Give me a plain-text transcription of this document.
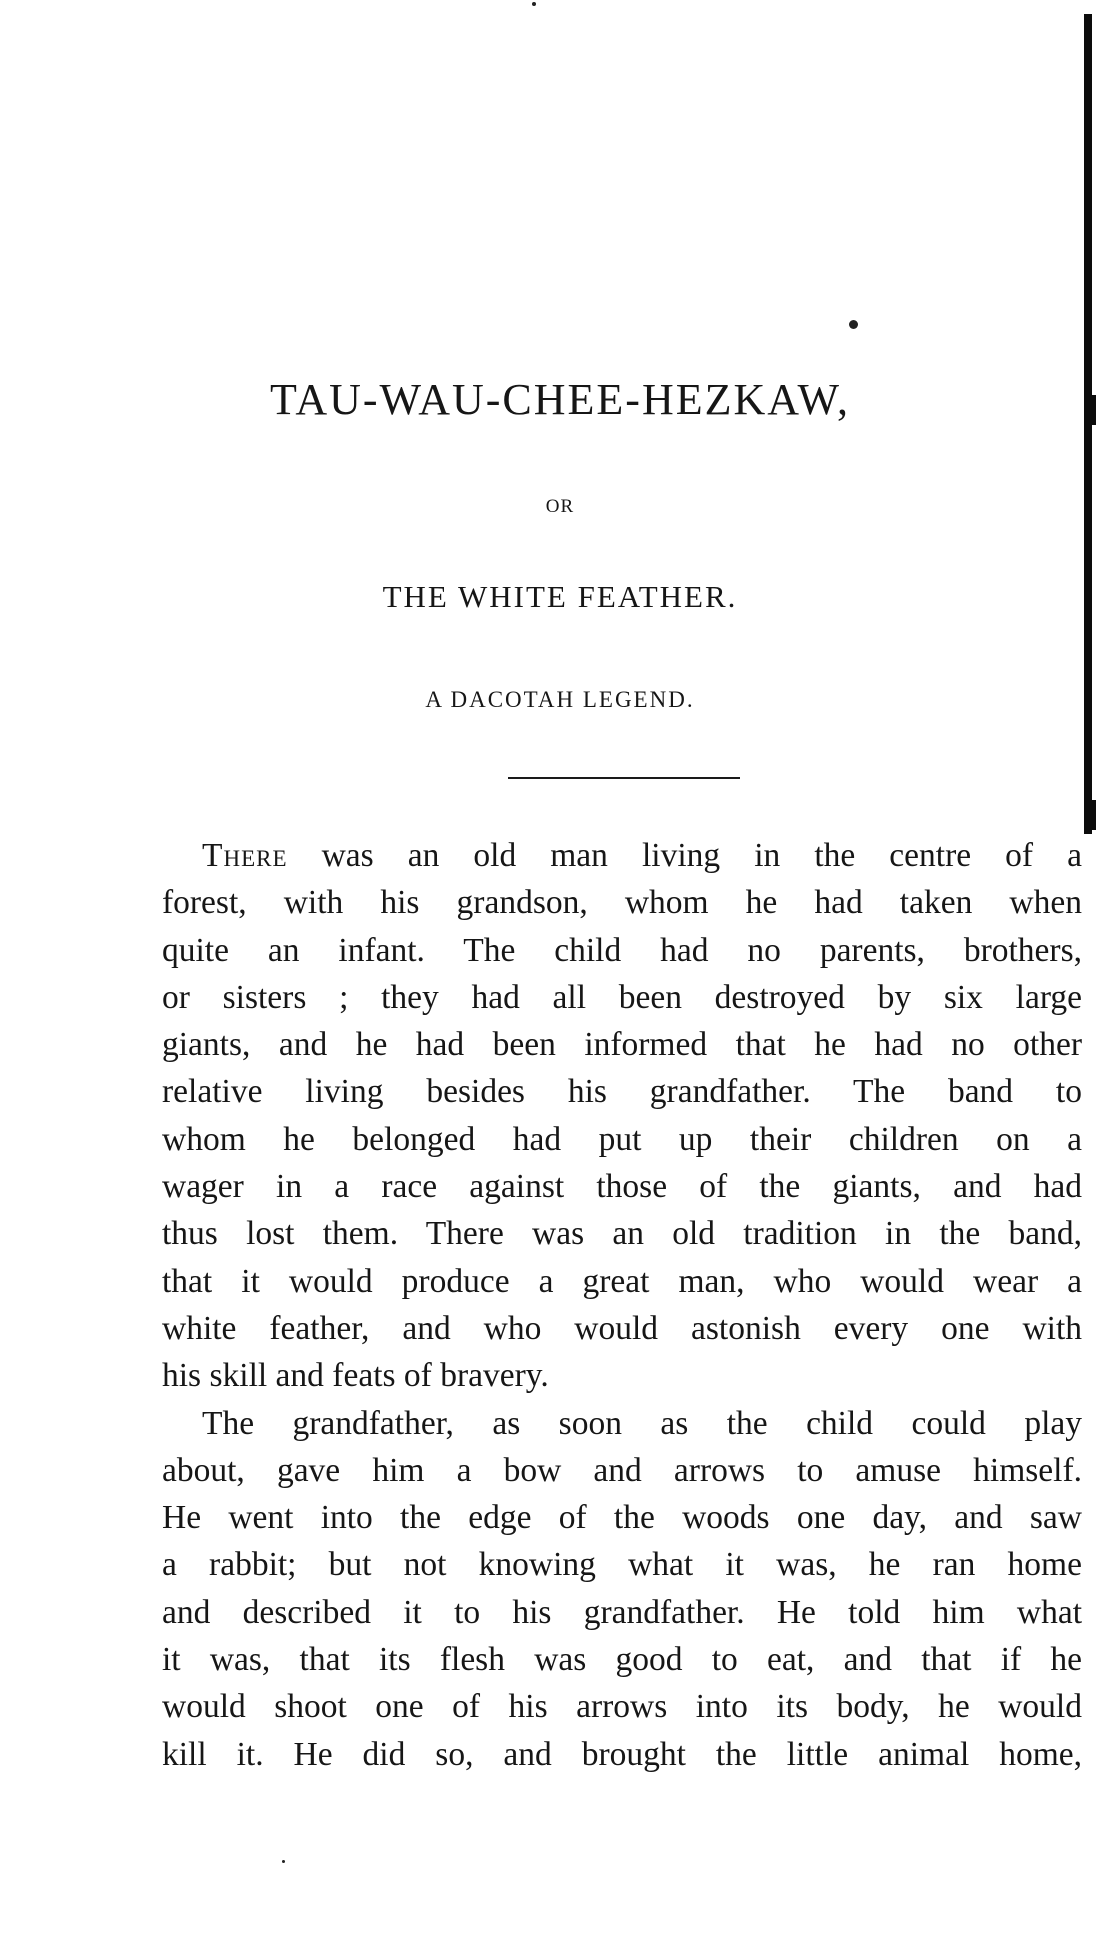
TAU-WAU-CHEE-HEZKAW,
OR
THE WHITE FEATHER.
A DACOTAH LEGEND.
There was an old man living in the centre of a
forest, with his grandson, whom he had taken when
quite an infant. The child had no parents, brothers,
or sisters ; they had all been destroyed by six large
giants, and he had been informed that he had no other
relative living besides his grandfather. The band to
whom he belonged had put up their children on a
wager in a race against those of the giants, and had
thus lost them. There was an old tradition in the band,
that it would produce a great man, who would wear a
white feather, and who would astonish every one with
his skill and feats of bravery.
The grandfather, as soon as the child could play
about, gave him a bow and arrows to amuse himself.
He went into the edge of the woods one day, and saw
a rabbit; but not knowing what it was, he ran home
and described it to his grandfather. He told him what
it was, that its flesh was good to eat, and that if he
would shoot one of his arrows into its body, he would
kill it. He did so, and brought the little animal home,
